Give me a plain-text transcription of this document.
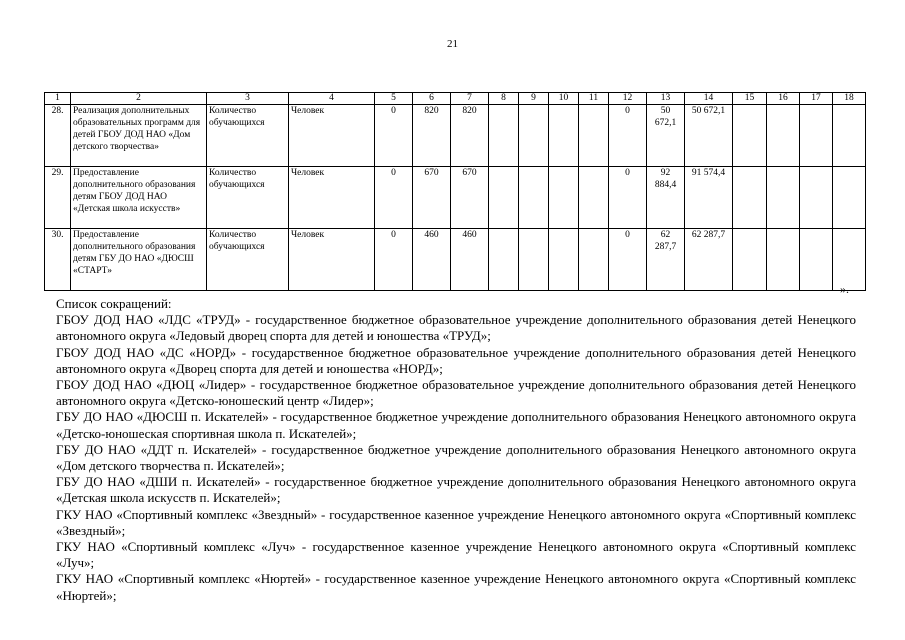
21
1	2	3	4	5	6	7	8	9	10	11	12	13	14	15	16	17	18
28.	Реализация дополнительных образовательных программ для детей ГБОУ ДОД НАО «Дом детского творчества»	Количество обучающихся	Человек	0	820	820					0	50 672,1	50 672,1				
29.	Предоставление дополнительного образования детям ГБОУ ДОД НАО «Детская школа искусств»	Количество обучающихся	Человек	0	670	670					0	92 884,4	91 574,4				
30.	Предоставление дополнительного образования детям ГБУ ДО НАО «ДЮСШ «СТАРТ»	Количество обучающихся	Человек	0	460	460					0	62 287,7	62 287,7				
».

Список сокращений:

ГБОУ ДОД НАО «ЛДС «ТРУД» - государственное бюджетное образовательное учреждение дополнительного образования детей Ненецкого автономного округа «Ледовый дворец спорта для детей и юношества «ТРУД»;

ГБОУ ДОД НАО «ДС «НОРД» - государственное бюджетное образовательное учреждение дополнительного образования детей Ненецкого автономного округа «Дворец спорта для детей и юношества «НОРД»;

ГБОУ ДОД НАО «ДЮЦ «Лидер» - государственное бюджетное образовательное учреждение дополнительного образования детей Ненецкого автономного округа «Детско-юношеский центр «Лидер»;

ГБУ ДО НАО «ДЮСШ п. Искателей» - государственное бюджетное учреждение дополнительного образования Ненецкого автономного округа «Детско-юношеская спортивная школа п. Искателей»;

ГБУ ДО НАО «ДДТ п. Искателей» - государственное бюджетное учреждение дополнительного образования Ненецкого автономного округа «Дом детского творчества п. Искателей»;

ГБУ ДО НАО «ДШИ п. Искателей» - государственное бюджетное учреждение дополнительного образования Ненецкого автономного округа «Детская школа искусств п. Искателей»;

ГКУ НАО «Спортивный комплекс «Звездный» - государственное казенное учреждение Ненецкого автономного округа «Спортивный комплекс «Звездный»;

ГКУ НАО «Спортивный комплекс «Луч» - государственное казенное учреждение Ненецкого автономного округа «Спортивный комплекс «Луч»;

ГКУ НАО «Спортивный комплекс «Нюртей» - государственное казенное учреждение Ненецкого автономного округа «Спортивный комплекс «Нюртей»;
